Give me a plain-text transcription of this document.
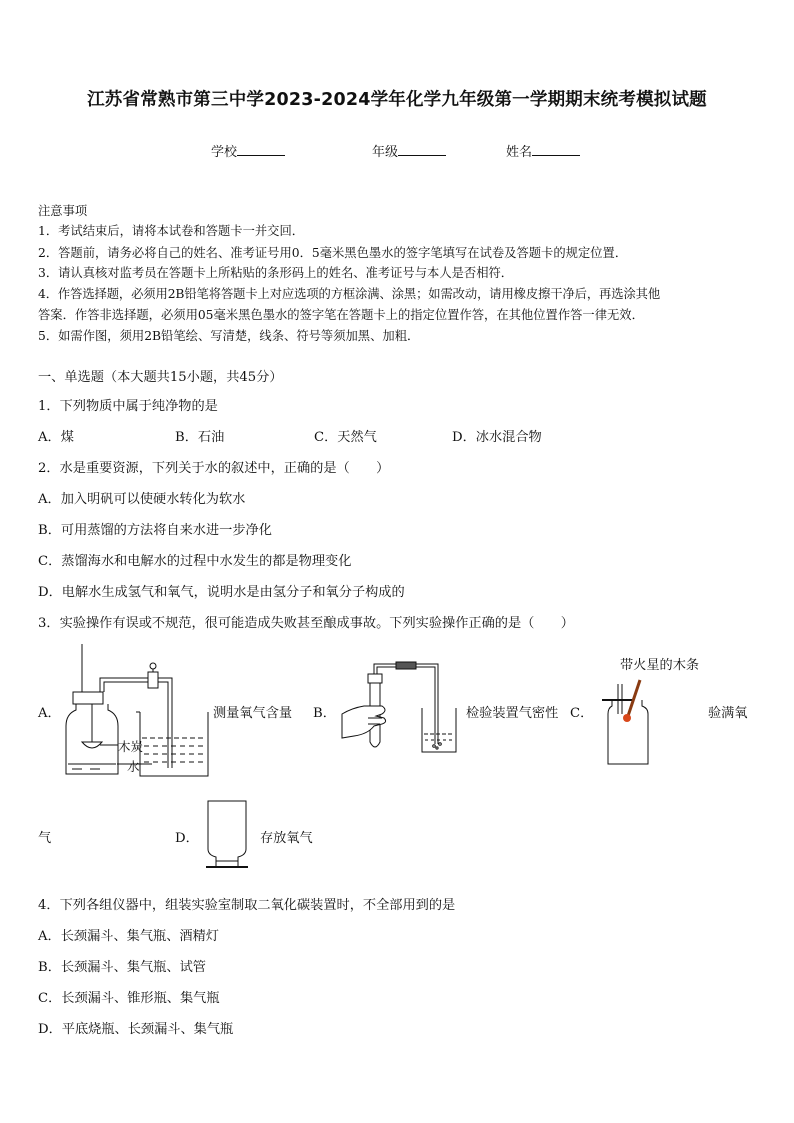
江苏省常熟市第三中学2023-2024学年化学九年级第一学期期末统考模拟试题
学校	年级	姓名
注意事项
1．考试结束后，请将本试卷和答题卡一并交回．
2．答题前，请务必将自己的姓名、准考证号用0．5毫米黑色墨水的签字笔填写在试卷及答题卡的规定位置．
3．请认真核对监考员在答题卡上所粘贴的条形码上的姓名、准考证号与本人是否相符．
4．作答选择题，必须用2B铅笔将答题卡上对应选项的方框涂满、涂黑；如需改动，请用橡皮擦干净后，再选涂其他
答案．作答非选择题，必须用05毫米黑色墨水的签字笔在答题卡上的指定位置作答，在其他位置作答一律无效．
5．如需作图，须用2B铅笔绘、写清楚，线条、符号等须加黑、加粗．
一、单选题（本大题共15小题，共45分）
1．下列物质中属于纯净物的是
A．煤	B．石油	C．天然气	D．冰水混合物
2．水是重要资源，下列关于水的叙述中，正确的是（　　）
A．加入明矾可以使硬水转化为软水
B．可用蒸馏的方法将自来水进一步净化
C．蒸馏海水和电解水的过程中水发生的都是物理变化
D．电解水生成氢气和氧气，说明水是由氢分子和氧分子构成的
3．实验操作有误或不规范，很可能造成失败甚至酿成事故。下列实验操作正确的是（　　）
A．
木炭
水
测量氧气含量 B．	检验装置气密性 C．
带火星的木条
验满氧
气	D．	存放氧气
4．下列各组仪器中，组装实验室制取二氧化碳装置时，不全部用到的是
A．长颈漏斗、集气瓶、酒精灯
B．长颈漏斗、集气瓶、试管
C．长颈漏斗、锥形瓶、集气瓶
D．平底烧瓶、长颈漏斗、集气瓶
